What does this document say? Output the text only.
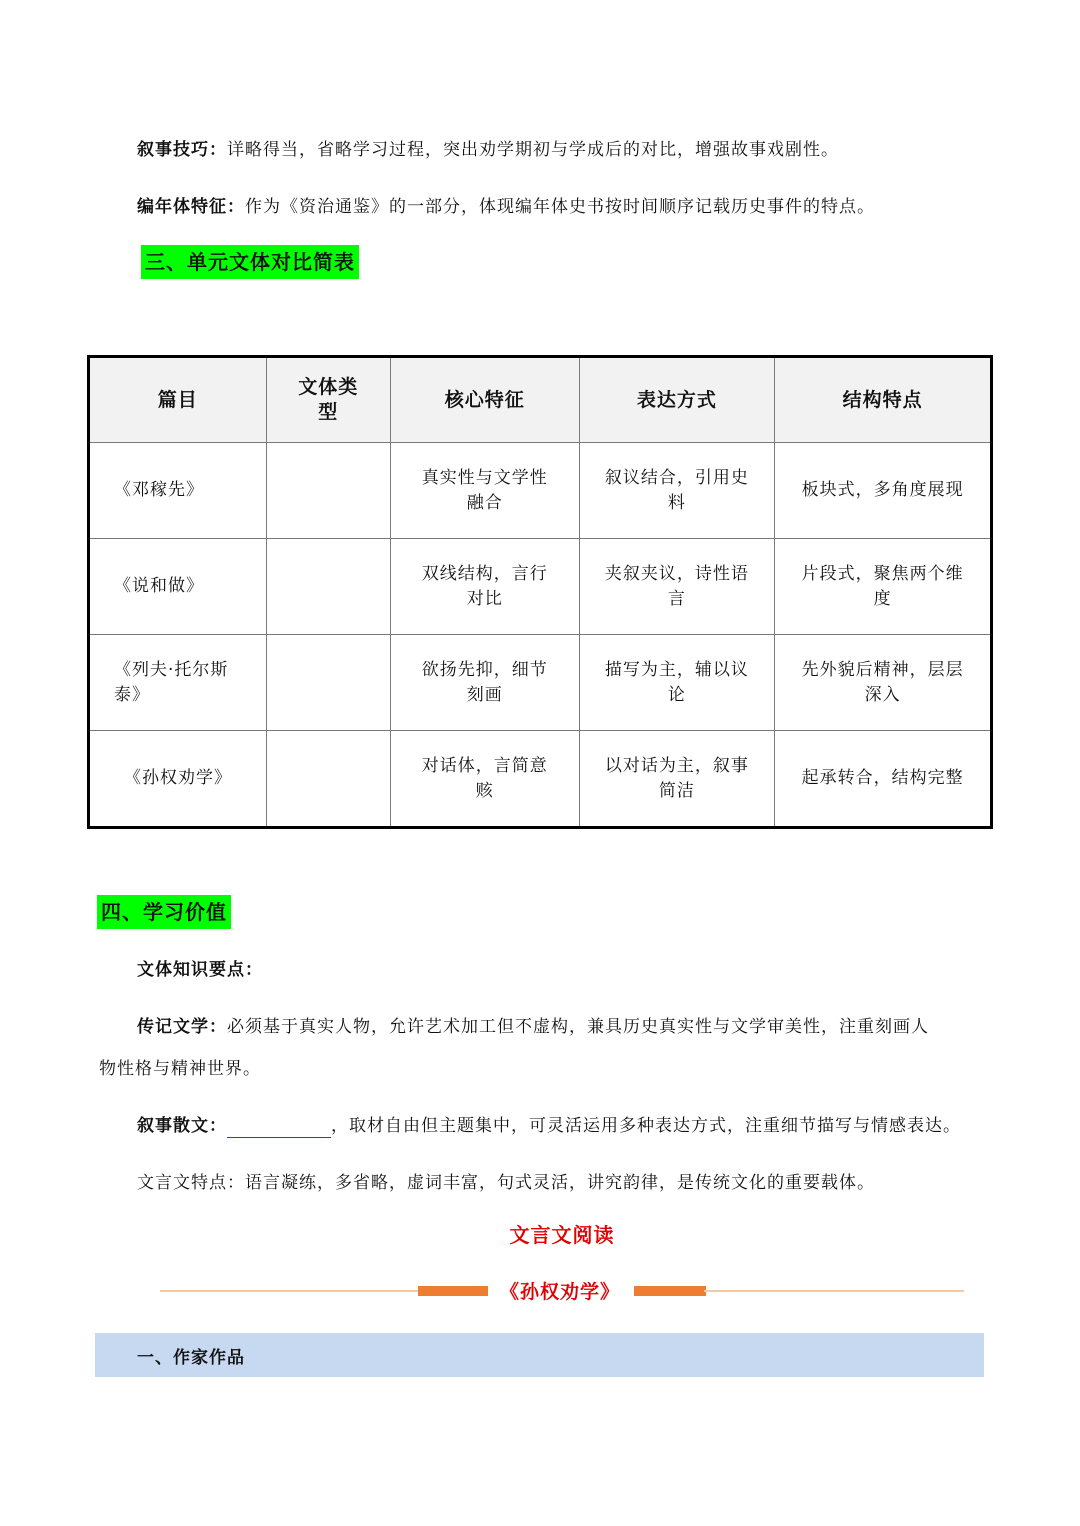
叙事技巧：详略得当，省略学习过程，突出劝学期初与学成后的对比，增强故事戏剧性。
编年体特征：作为《资治通鉴》的一部分，体现编年体史书按时间顺序记载历史事件的特点。
三、单元文体对比简表
篇目	文体类型	核心特征	表达方式	结构特点
《邓稼先》		真实性与文学性融合	叙议结合，引用史料	板块式，多角度展现
《说和做》		双线结构，言行对比	夹叙夹议，诗性语言	片段式，聚焦两个维度
《列夫·托尔斯泰》		欲扬先抑，细节刻画	描写为主，辅以议论	先外貌后精神，层层深入
《孙权劝学》		对话体，言简意赅	以对话为主，叙事简洁	起承转合，结构完整
四、学习价值
文体知识要点：
传记文学：必须基于真实人物，允许艺术加工但不虚构，兼具历史真实性与文学审美性，注重刻画人
物性格与精神世界。
叙事散文：	，取材自由但主题集中，可灵活运用多种表达方式，注重细节描写与情感表达。
文言文特点：语言凝练，多省略，虚词丰富，句式灵活，讲究韵律，是传统文化的重要载体。
文言文阅读
《孙权劝学》
一、作家作品
